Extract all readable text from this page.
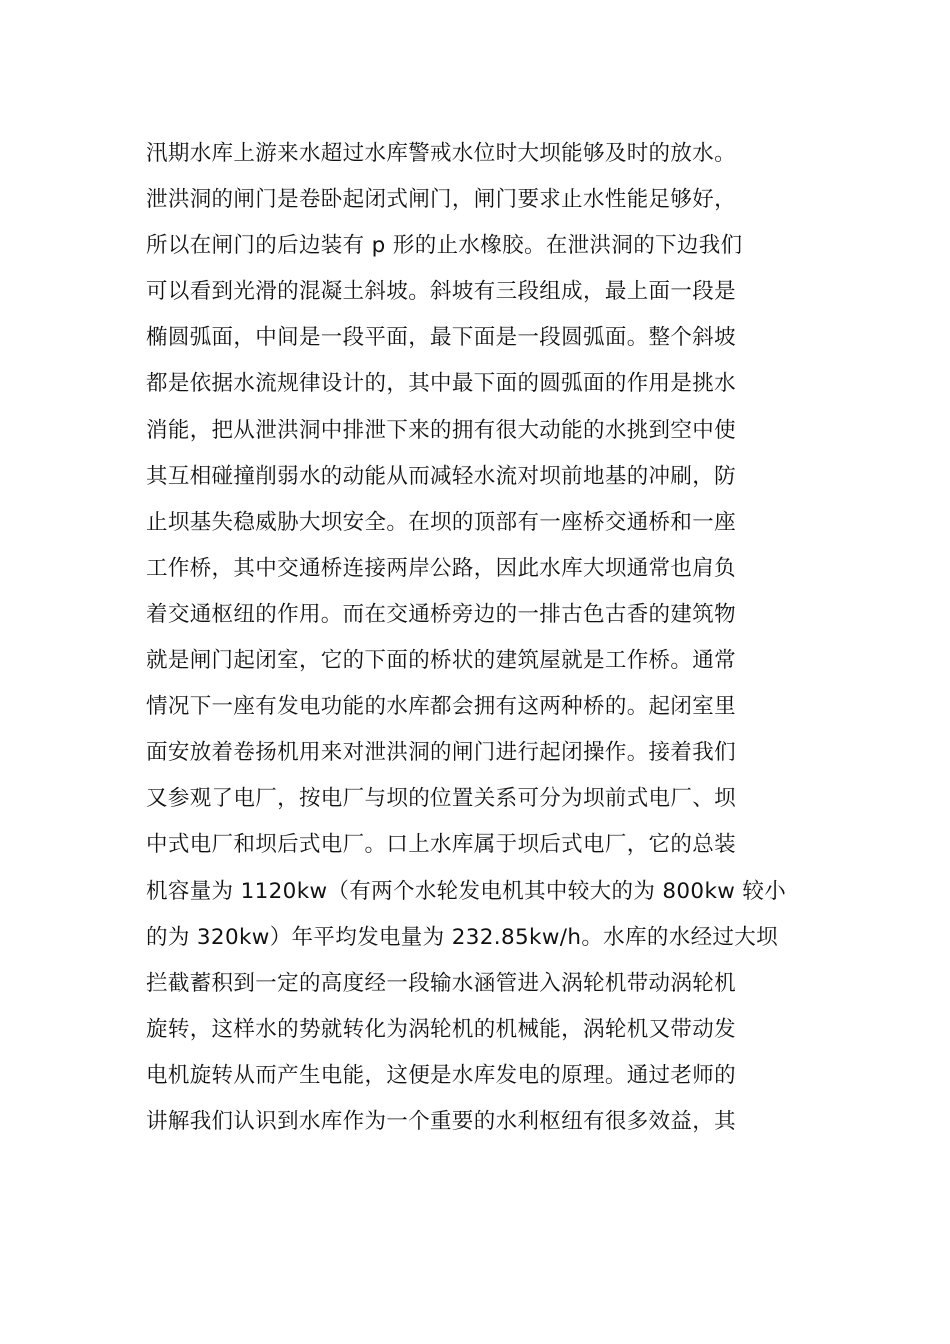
汛期水库上游来水超过水库警戒水位时大坝能够及时的放水。
泄洪洞的闸门是卷卧起闭式闸门，闸门要求止水性能足够好，
所以在闸门的后边装有 p 形的止水橡胶。在泄洪洞的下边我们
可以看到光滑的混凝土斜坡。斜坡有三段组成，最上面一段是
椭圆弧面，中间是一段平面，最下面是一段圆弧面。整个斜坡
都是依据水流规律设计的，其中最下面的圆弧面的作用是挑水
消能，把从泄洪洞中排泄下来的拥有很大动能的水挑到空中使
其互相碰撞削弱水的动能从而减轻水流对坝前地基的冲刷，防
止坝基失稳威胁大坝安全。在坝的顶部有一座桥交通桥和一座
工作桥，其中交通桥连接两岸公路，因此水库大坝通常也肩负
着交通枢纽的作用。而在交通桥旁边的一排古色古香的建筑物
就是闸门起闭室，它的下面的桥状的建筑屋就是工作桥。通常
情况下一座有发电功能的水库都会拥有这两种桥的。起闭室里
面安放着卷扬机用来对泄洪洞的闸门进行起闭操作。接着我们
又参观了电厂，按电厂与坝的位置关系可分为坝前式电厂、坝
中式电厂和坝后式电厂。口上水库属于坝后式电厂，它的总装
机容量为 1120kw（有两个水轮发电机其中较大的为 800kw 较小
的为 320kw）年平均发电量为 232.85kw/h。水库的水经过大坝
拦截蓄积到一定的高度经一段输水涵管进入涡轮机带动涡轮机
旋转，这样水的势就转化为涡轮机的机械能，涡轮机又带动发
电机旋转从而产生电能，这便是水库发电的原理。通过老师的
讲解我们认识到水库作为一个重要的水利枢纽有很多效益，其
